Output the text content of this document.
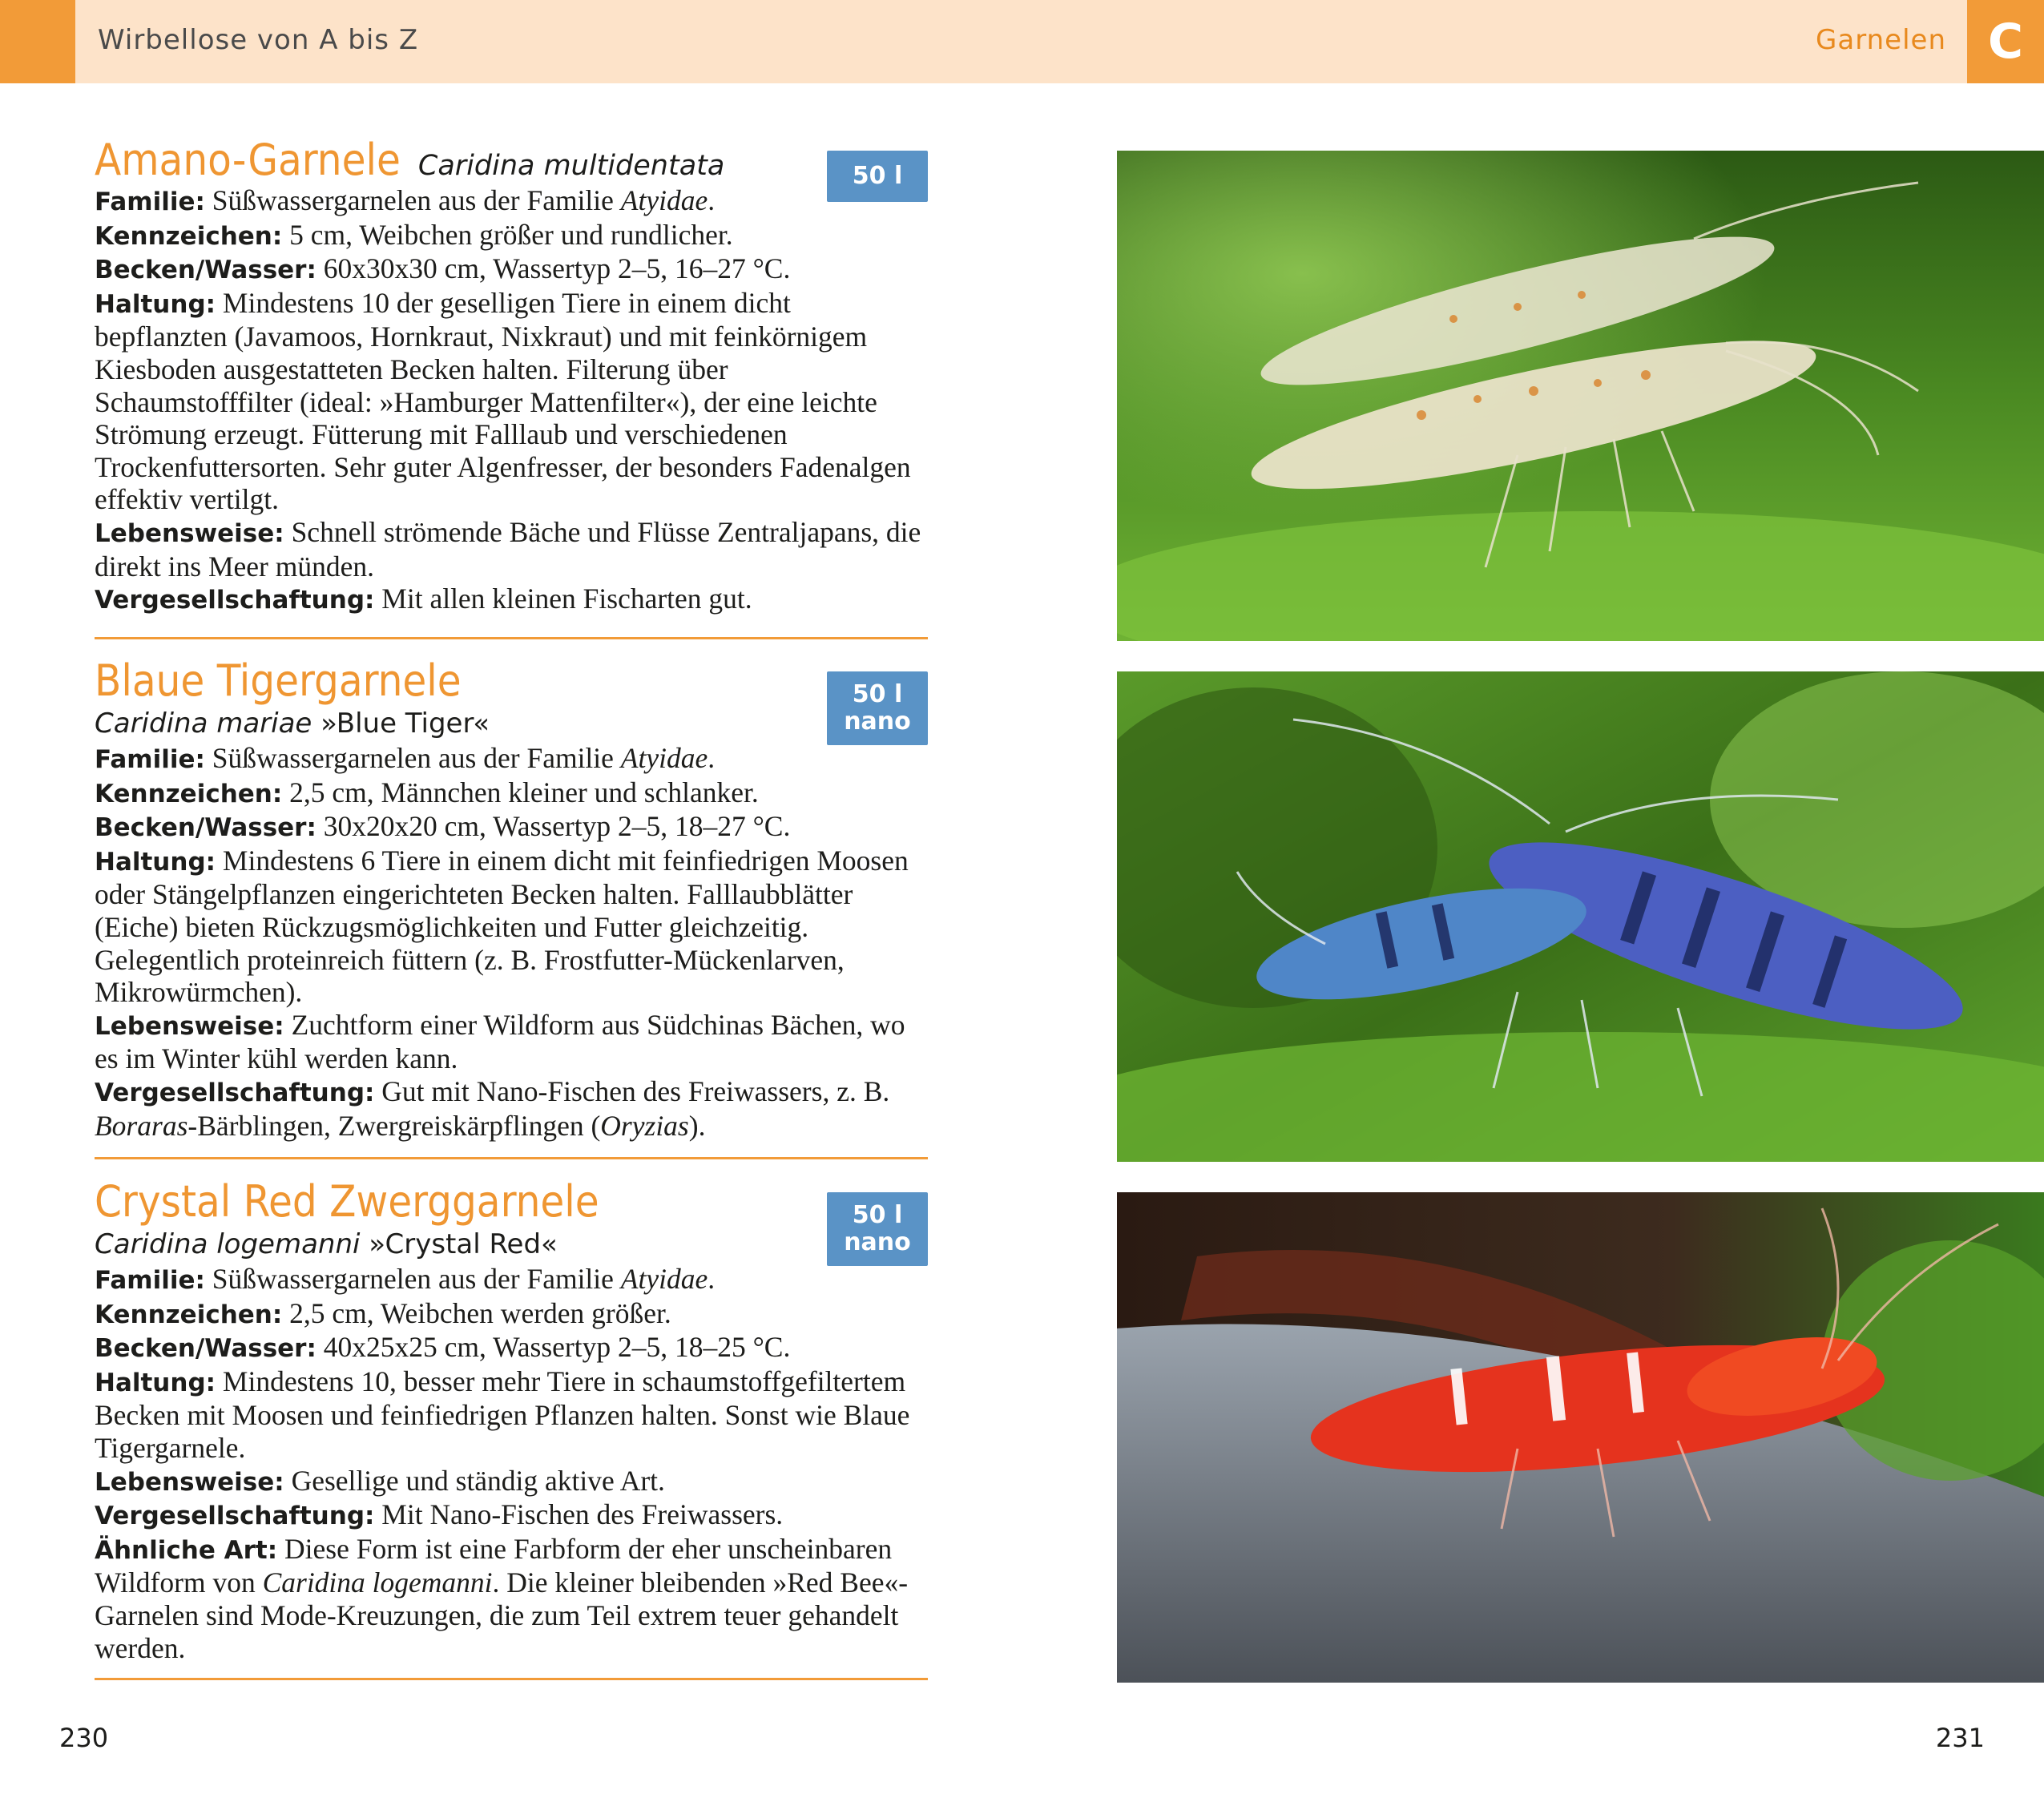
Wirbellose von A bis Z	Garnelen C
50 l
Amano-Garnele Caridina multidentata

Familie: Süßwassergarnelen aus der Familie Atyidae.

Kennzeichen: 5 cm, Weibchen größer und rundlicher.

Becken/Wasser: 60x30x30 cm, Wassertyp 2–5, 16–27 °C.

Haltung: Mindestens 10 der geselligen Tiere in einem dicht bepflanzten (Javamoos, Hornkraut, Nixkraut) und mit feinkörnigem Kiesboden ausgestatteten Becken halten. Filterung über Schaumstofffilter (ideal: »Hamburger Mattenfilter«), der eine leichte Strömung erzeugt. Fütterung mit Falllaub und verschiedenen Trockenfuttersorten. Sehr guter Algenfresser, der besonders Fadenalgen effektiv vertilgt.

Lebensweise: Schnell strömende Bäche und Flüsse Zentraljapans, die direkt ins Meer münden.

Vergesellschaftung: Mit allen kleinen Fischarten gut.

50 l
nano
Blaue Tigergarnele
Caridina mariae »Blue Tiger«

Familie: Süßwassergarnelen aus der Familie Atyidae.

Kennzeichen: 2,5 cm, Männchen kleiner und schlanker.

Becken/Wasser: 30x20x20 cm, Wassertyp 2–5, 18–27 °C.

Haltung: Mindestens 6 Tiere in einem dicht mit feinfiedrigen Moosen oder Stängelpflanzen eingerichteten Becken halten. Falllaubblätter (Eiche) bieten Rückzugsmöglichkeiten und Futter gleichzeitig. Gelegentlich proteinreich füttern (z. B. Frostfutter-Mückenlarven, Mikrowürmchen).

Lebensweise: Zuchtform einer Wildform aus Südchinas Bächen, wo es im Winter kühl werden kann.

Vergesellschaftung: Gut mit Nano-Fischen des Freiwassers, z. B. Boraras-Bärblingen, Zwergreiskärpflingen (Oryzias).

50 l
nano
Crystal Red Zwerggarnele
Caridina logemanni »Crystal Red«

Familie: Süßwassergarnelen aus der Familie Atyidae.

Kennzeichen: 2,5 cm, Weibchen werden größer.

Becken/Wasser: 40x25x25 cm, Wassertyp 2–5, 18–25 °C.

Haltung: Mindestens 10, besser mehr Tiere in schaumstoffgefiltertem Becken mit Moosen und feinfiedrigen Pflanzen halten. Sonst wie Blaue Tigergarnele.

Lebensweise: Gesellige und ständig aktive Art.

Vergesellschaftung: Mit Nano-Fischen des Freiwassers.

Ähnliche Art: Diese Form ist eine Farbform der eher unscheinbaren Wildform von Caridina logemanni. Die kleiner bleibenden »Red Bee«-Garnelen sind Mode-Kreuzungen, die zum Teil extrem teuer gehandelt werden.

230	231
